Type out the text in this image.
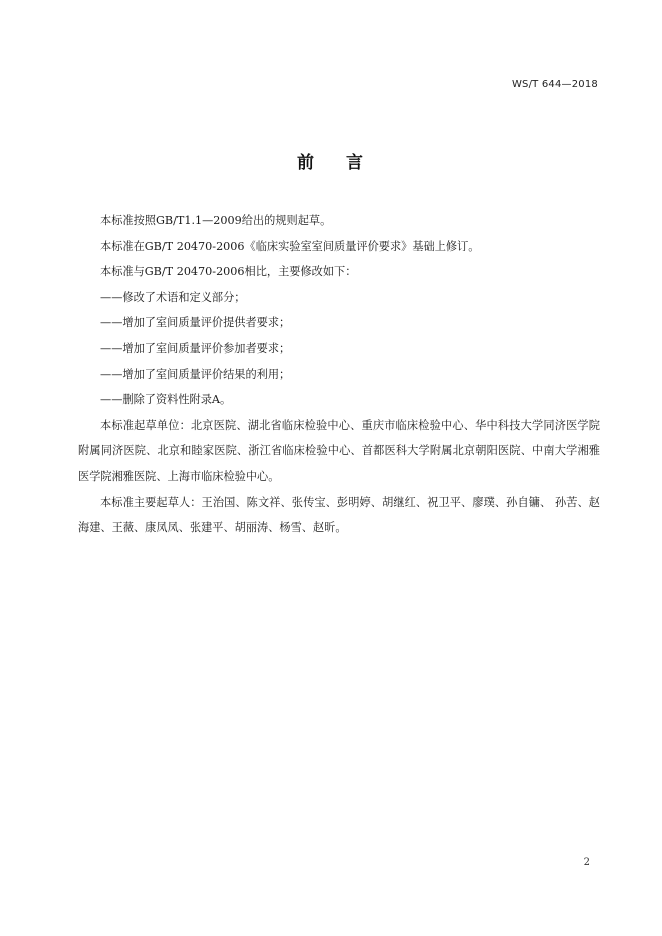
WS/T 644—2018
前 言

本标准按照GB/T1.1—2009给出的规则起草。

本标准在GB/T 20470-2006《临床实验室室间质量评价要求》基础上修订。

本标准与GB/T 20470-2006相比，主要修改如下：

——修改了术语和定义部分；

——增加了室间质量评价提供者要求；

——增加了室间质量评价参加者要求；

——增加了室间质量评价结果的利用；

——删除了资料性附录A。

本标准起草单位：北京医院、湖北省临床检验中心、重庆市临床检验中心、华中科技大学同济医学院附属同济医院、北京和睦家医院、浙江省临床检验中心、首都医科大学附属北京朝阳医院、中南大学湘雅医学院湘雅医院、上海市临床检验中心。

本标准主要起草人：王治国、陈文祥、张传宝、彭明婷、胡继红、祝卫平、廖璞、孙自镛、 孙苦、赵海建、王薇、康凤凤、张建平、胡丽涛、杨雪、赵昕。

2
